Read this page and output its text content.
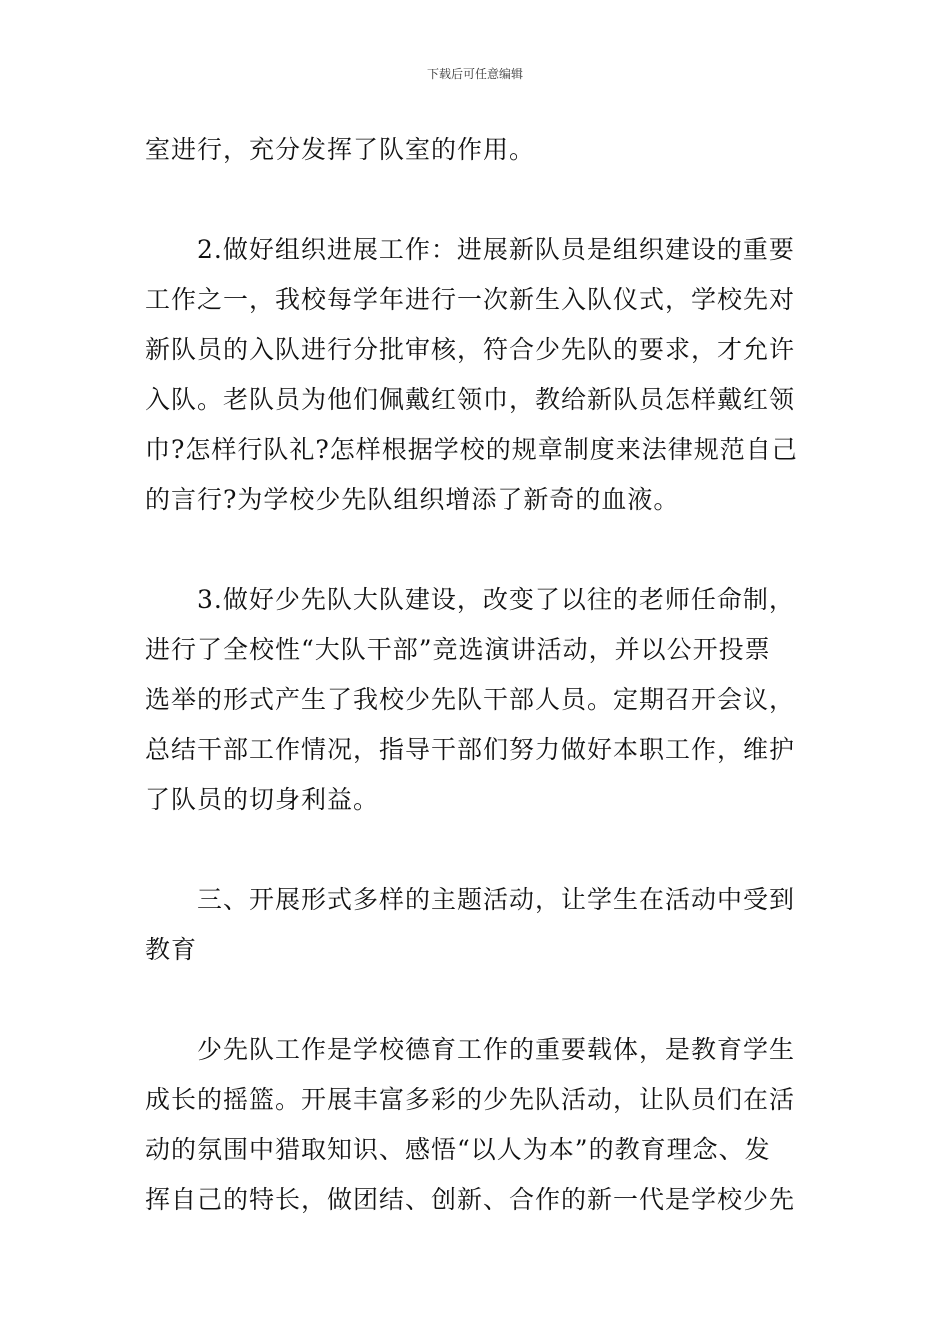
下载后可任意编辑

室进行，充分发挥了队室的作用。

　　2.做好组织进展工作：进展新队员是组织建设的重要
工作之一，我校每学年进行一次新生入队仪式，学校先对
新队员的入队进行分批审核，符合少先队的要求，才允许
入队。老队员为他们佩戴红领巾，教给新队员怎样戴红领
巾?怎样行队礼?怎样根据学校的规章制度来法律规范自己
的言行?为学校少先队组织增添了新奇的血液。

　　3.做好少先队大队建设，改变了以往的老师任命制，
进行了全校性“大队干部”竞选演讲活动，并以公开投票
选举的形式产生了我校少先队干部人员。定期召开会议，
总结干部工作情况，指导干部们努力做好本职工作，维护
了队员的切身利益。

　　三、开展形式多样的主题活动，让学生在活动中受到
教育

　　少先队工作是学校德育工作的重要载体，是教育学生
成长的摇篮。开展丰富多彩的少先队活动，让队员们在活
动的氛围中猎取知识、感悟“以人为本”的教育理念、发
挥自己的特长，做团结、创新、合作的新一代是学校少先
